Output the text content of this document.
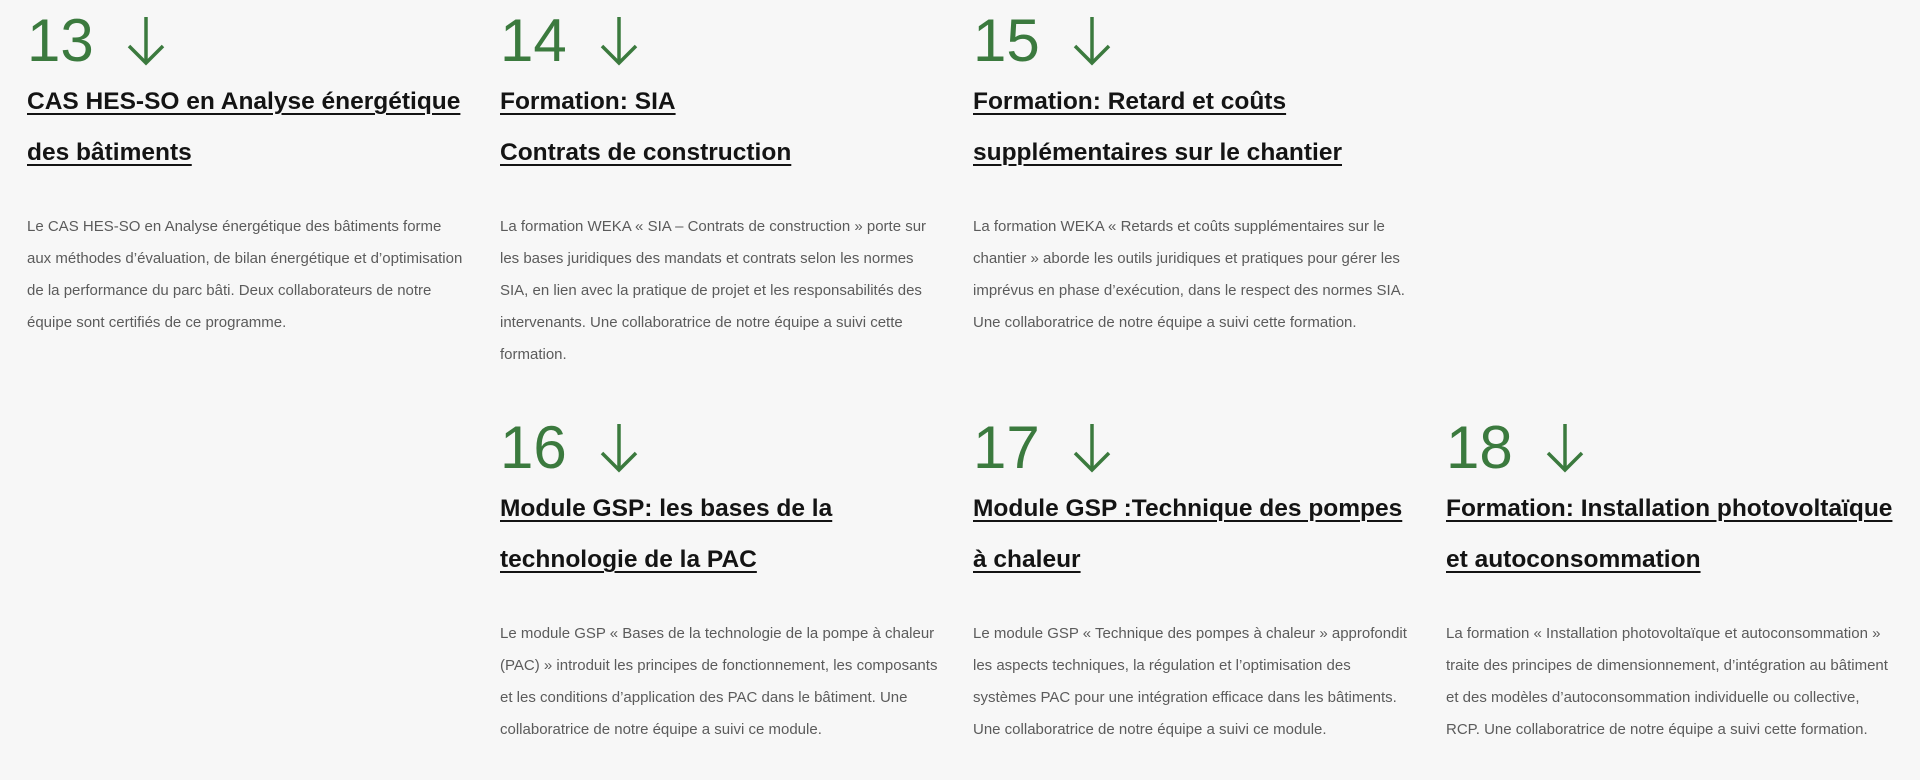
13
CAS HES-SO en Analyse énergétique
des bâtiments

Le CAS HES-SO en Analyse énergétique des bâtiments forme aux méthodes d’évaluation, de bilan énergétique et d’optimisation de la performance du parc bâti. Deux collaborateurs de notre équipe sont certifiés de ce programme.

14
Formation: SIA
Contrats de construction

La formation WEKA « SIA – Contrats de construction » porte sur les bases juridiques des mandats et contrats selon les normes SIA, en lien avec la pratique de projet et les responsabilités des intervenants. Une collaboratrice de notre équipe a suivi cette formation.

15
Formation: Retard et coûts
supplémentaires sur le chantier

La formation WEKA « Retards et coûts supplémentaires sur le chantier » aborde les outils juridiques et pratiques pour gérer les imprévus en phase d’exécution, dans le respect des normes SIA. Une collaboratrice de notre équipe a suivi cette formation.

16
Module GSP: les bases de la
technologie de la PAC

Le module GSP « Bases de la technologie de la pompe à chaleur (PAC) » introduit les principes de fonctionnement, les composants et les conditions d’application des PAC dans le bâtiment. Une collaboratrice de notre équipe a suivi ce module.

17
Module GSP :Technique des pompes
à chaleur

Le module GSP « Technique des pompes à chaleur » approfondit les aspects techniques, la régulation et l’optimisation des systèmes PAC pour une intégration efficace dans les bâtiments. Une collaboratrice de notre équipe a suivi ce module.

18
Formation: Installation photovoltaïque
et autoconsommation

La formation « Installation photovoltaïque et autoconsommation » traite des principes de dimensionnement, d’intégration au bâtiment et des modèles d’autoconsommation individuelle ou collective, RCP. Une collaboratrice de notre équipe a suivi cette formation.
